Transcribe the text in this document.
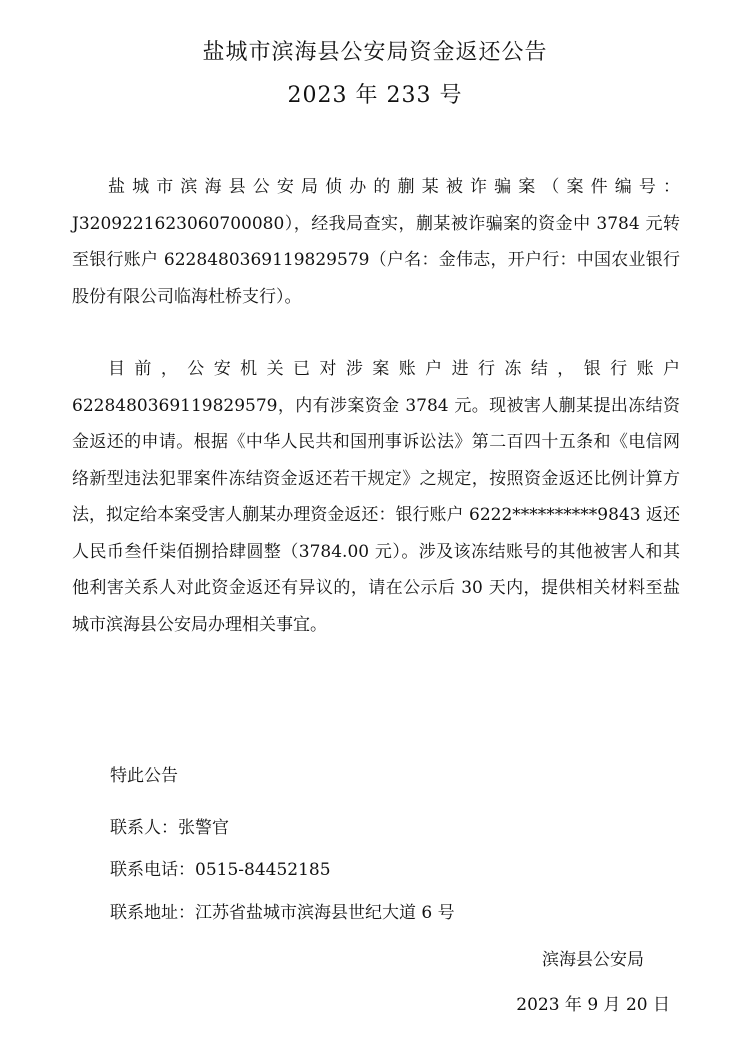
盐城市滨海县公安局资金返还公告
2023 年 233 号

盐城市滨海县公安局侦办的蒯某被诈骗案（案件编号：J3209221623060700080），经我局查实，蒯某被诈骗案的资金中 3784 元转至银行账户 6228480369119829579（户名：金伟志，开户行：中国农业银行股份有限公司临海杜桥支行）。

目前，公安机关已对涉案账户进行冻结，银行账户 6228480369119829579，内有涉案资金 3784 元。现被害人蒯某提出冻结资金返还的申请。根据《中华人民共和国刑事诉讼法》第二百四十五条和《电信网络新型违法犯罪案件冻结资金返还若干规定》之规定，按照资金返还比例计算方法，拟定给本案受害人蒯某办理资金返还：银行账户 6222**********9843 返还人民币叁仟柒佰捌拾肆圆整（3784.00 元）。涉及该冻结账号的其他被害人和其他利害关系人对此资金返还有异议的，请在公示后 30 天内，提供相关材料至盐城市滨海县公安局办理相关事宜。

特此公告
联系人：张警官
联系电话：0515-84452185
联系地址：江苏省盐城市滨海县世纪大道 6 号
滨海县公安局
2023 年 9 月 20 日
